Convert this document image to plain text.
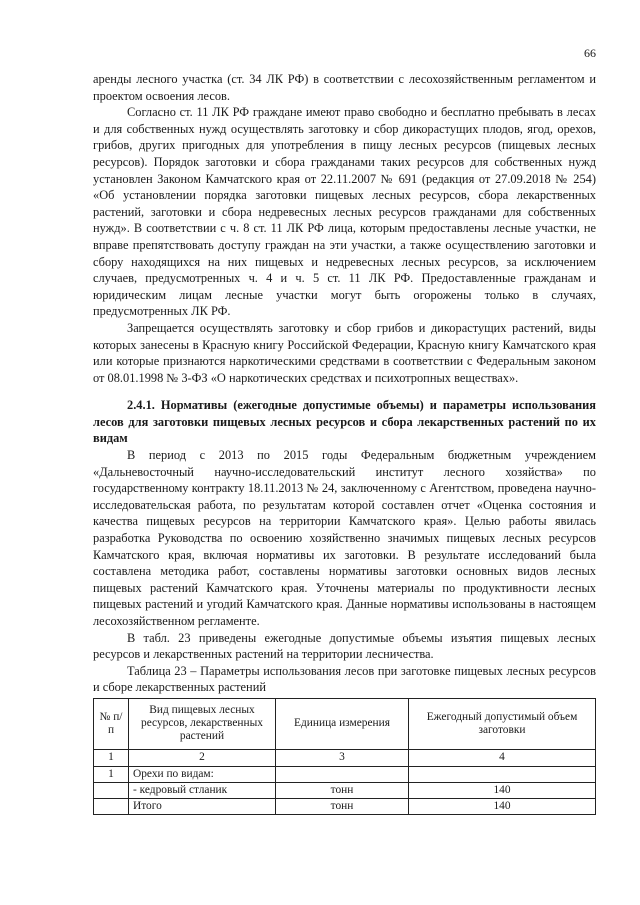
66

аренды лесного участка (ст. 34 ЛК РФ) в соответствии с лесохозяйственным регламентом и проектом освоения лесов.

Согласно ст. 11 ЛК РФ граждане имеют право свободно и бесплатно пребывать в лесах и для собственных нужд осуществлять заготовку и сбор дикорастущих плодов, ягод, орехов, грибов, других пригодных для употребления в пищу лесных ресурсов (пищевых лесных ресурсов). Порядок заготовки и сбора гражданами таких ресурсов для собственных нужд установлен Законом Камчатского края от 22.11.2007 № 691 (редакция от 27.09.2018 № 254) «Об установлении порядка заготовки пищевых лесных ресурсов, сбора лекарственных растений, заготовки и сбора недревесных лесных ресурсов гражданами для собственных нужд». В соответствии с ч. 8 ст. 11 ЛК РФ лица, которым предоставлены лесные участки, не вправе препятствовать доступу граждан на эти участки, а также осуществлению заготовки и сбору находящихся на них пищевых и недревесных лесных ресурсов, за исключением случаев, предусмотренных ч. 4 и ч. 5 ст. 11 ЛК РФ. Предоставленные гражданам и юридическим лицам лесные участки могут быть огорожены только в случаях, предусмотренных ЛК РФ.

Запрещается осуществлять заготовку и сбор грибов и дикорастущих растений, виды которых занесены в Красную книгу Российской Федерации, Красную книгу Камчатского края или которые признаются наркотическими средствами в соответствии с Федеральным законом от 08.01.1998 № 3-ФЗ «О наркотических средствах и психотропных веществах».

2.4.1. Нормативы (ежегодные допустимые объемы) и параметры использования лесов для заготовки пищевых лесных ресурсов и сбора лекарственных растений по их видам

В период с 2013 по 2015 годы Федеральным бюджетным учреждением «Дальневосточный научно-исследовательский институт лесного хозяйства» по государственному контракту 18.11.2013 № 24, заключенному с Агентством, проведена научно-исследовательская работа, по результатам которой составлен отчет «Оценка состояния и качества пищевых ресурсов на территории Камчатского края». Целью работы явилась разработка Руководства по освоению хозяйственно значимых пищевых лесных ресурсов Камчатского края, включая нормативы их заготовки. В результате исследований была составлена методика работ, составлены нормативы заготовки основных видов лесных пищевых растений Камчатского края. Уточнены материалы по продуктивности лесных пищевых растений и угодий Камчатского края. Данные нормативы использованы в настоящем лесохозяйственном регламенте.

В табл. 23 приведены ежегодные допустимые объемы изъятия пищевых лесных ресурсов и лекарственных растений на территории лесничества.

Таблица 23 – Параметры использования лесов при заготовке пищевых лесных ресурсов и сборе лекарственных растений

№ п/п	Вид пищевых лесных ресурсов, лекарственных растений	Единица измерения	Ежегодный допустимый объем заготовки
1	2	3	4
1	Орехи по видам:		
	- кедровый стланик	тонн	140
	Итого	тонн	140
